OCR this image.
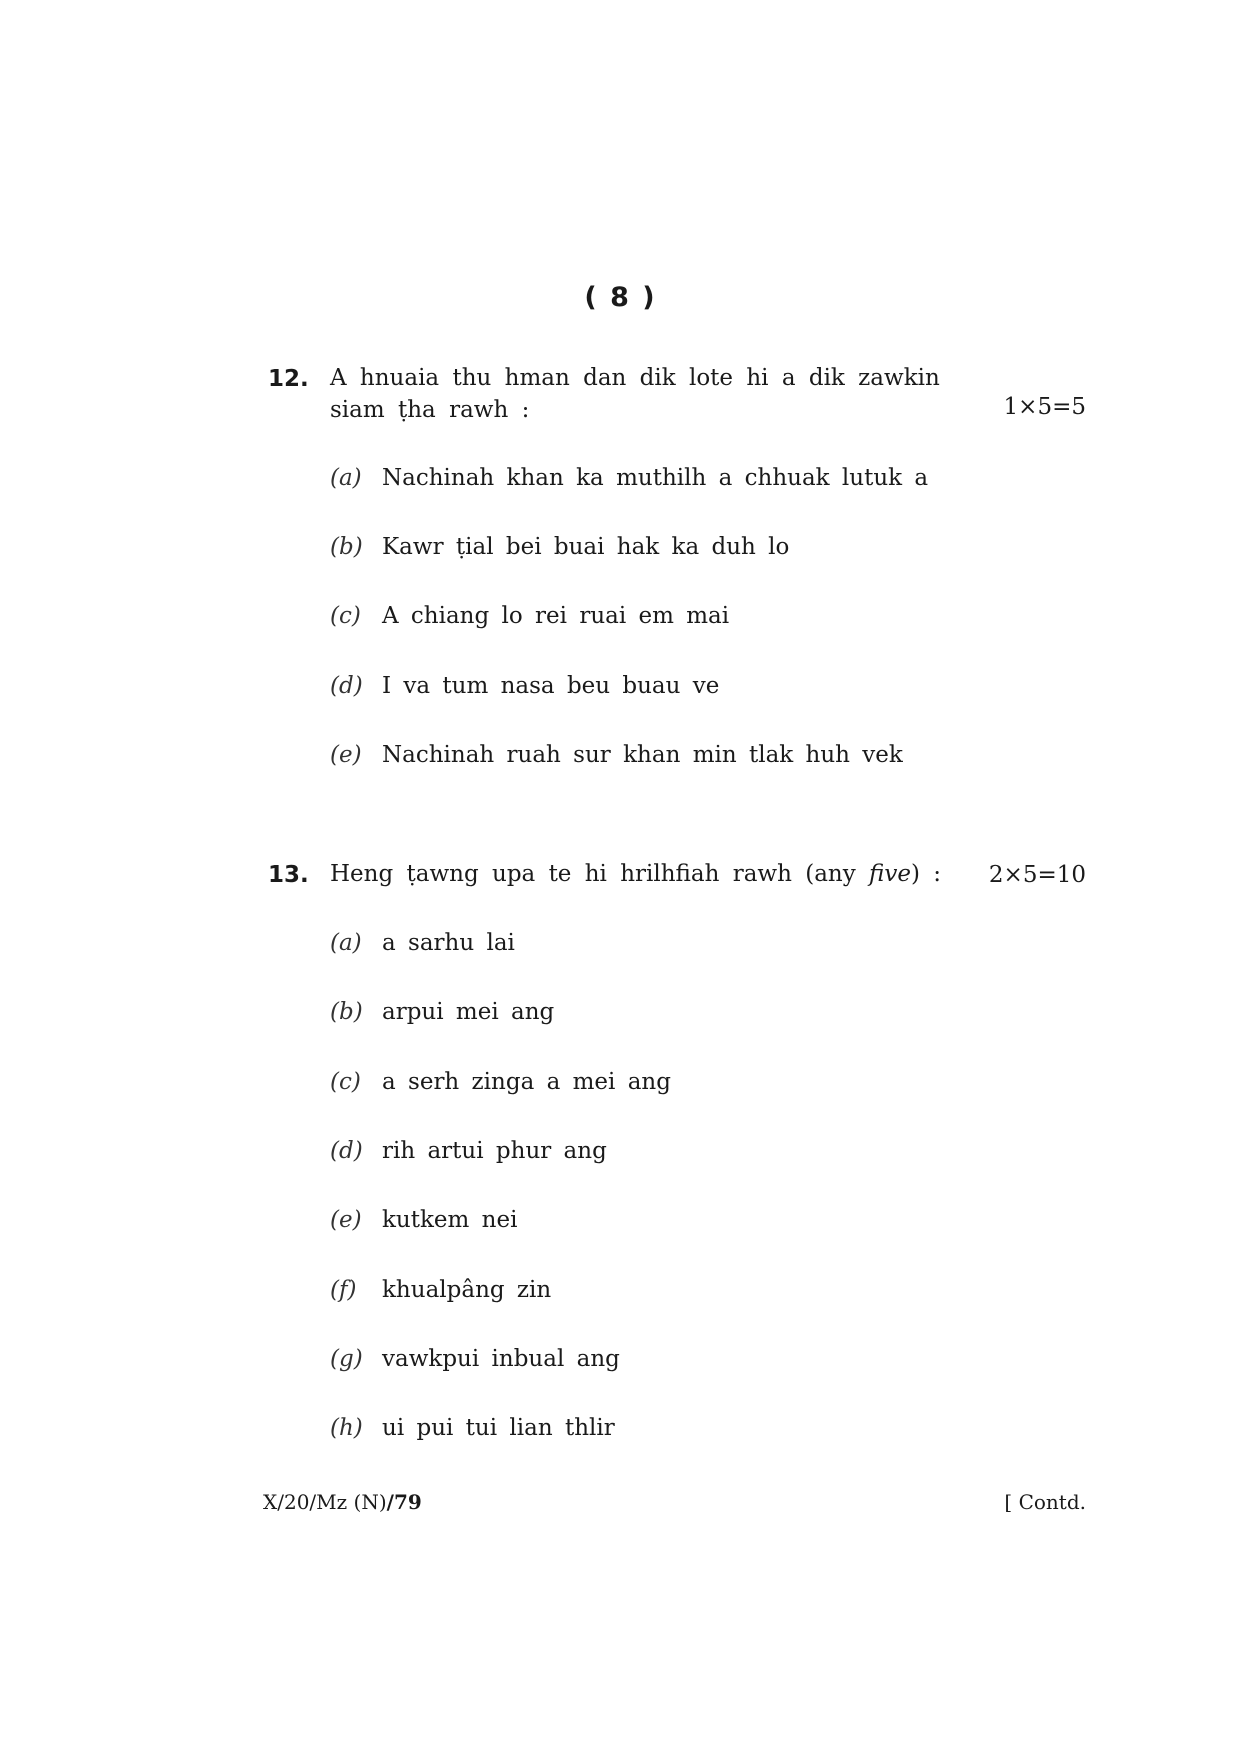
( 8 )
12. A hnuaia thu hman dan dik lote hi a dik zawkin
siam ṭha rawh :	1×5=5
(a) Nachinah khan ka muthilh a chhuak lutuk a
(b) Kawr ṭial bei buai hak ka duh lo
(c) A chiang lo rei ruai em mai
(d) I va tum nasa beu buau ve
(e) Nachinah ruah sur khan min tlak huh vek
13. Heng ṭawng upa te hi hrilhfiah rawh (any five) : 2×5=10
(a) a sarhu lai
(b) arpui mei ang
(c) a serh zinga a mei ang
(d) rih artui phur ang
(e) kutkem nei
(f) khualpâng zin
(g) vawkpui inbual ang
(h) ui pui tui lian thlir
X/20/Mz (N)/79	[ Contd.
